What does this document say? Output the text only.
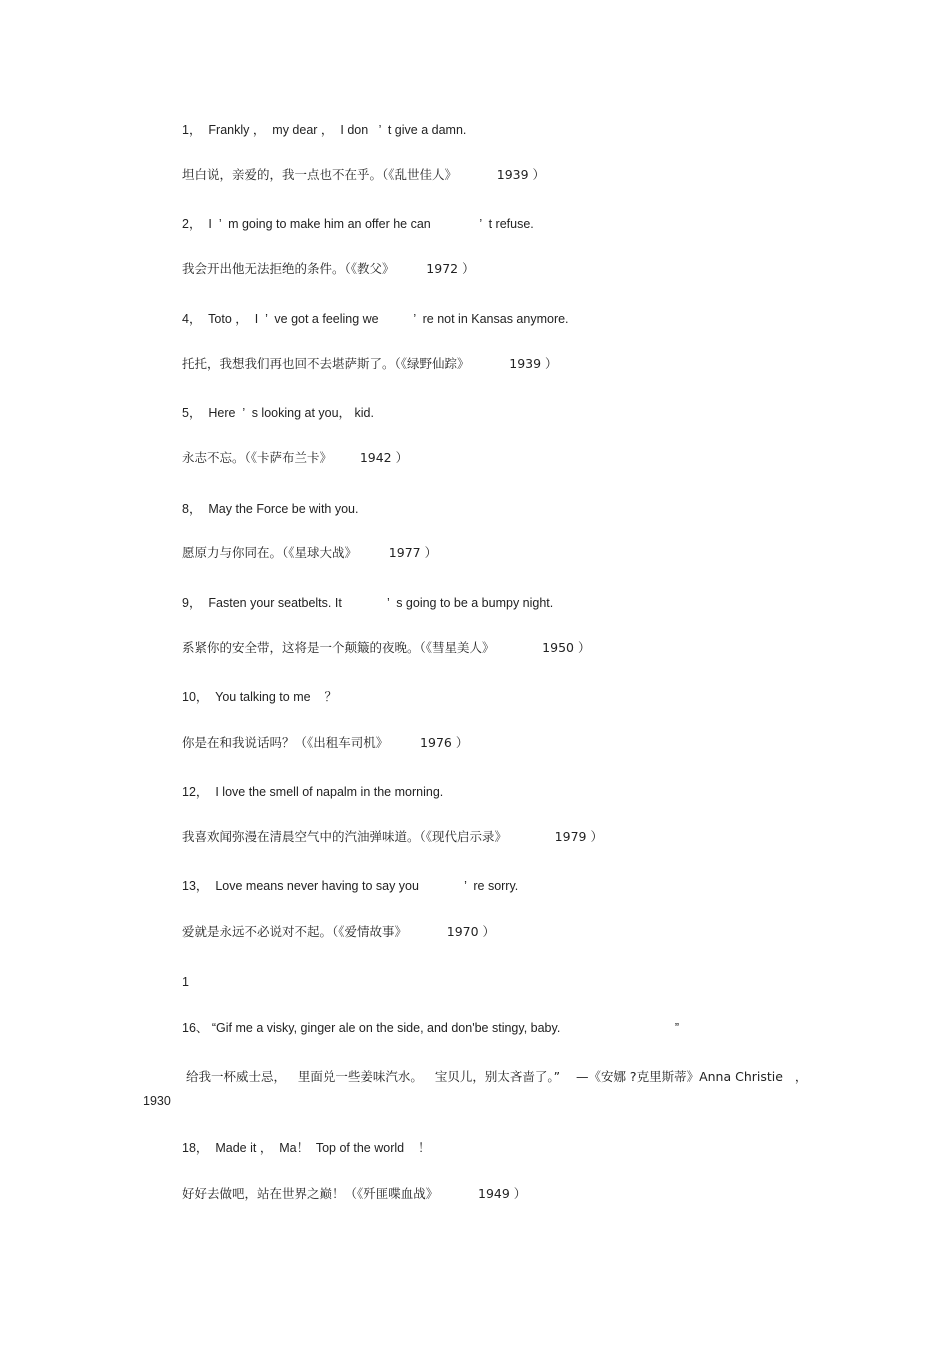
1，  Frankly ，  my dear ，  I don   ’  t give a damn.
坦白说，亲爱的，我一点也不在乎。（《乱世佳人》          1939 ）
2，  I  ’  m going to make him an offer he can              ’  t refuse.
我会开出他无法拒绝的条件。（《教父》        1972 ）
4，  Toto ，  I  ’  ve got a feeling we          ’  re not in Kansas anymore.
托托，我想我们再也回不去堪萨斯了。（《绿野仙踪》          1939 ）
5，  Here  ’  s looking at you， kid.
永志不忘。（《卡萨布兰卡》       1942 ）
8，  May the Force be with you.
愿原力与你同在。（《星球大战》        1977 ）
9，  Fasten your seatbelts. It             ’  s going to be a bumpy night.
系紧你的安全带，这将是一个颠簸的夜晚。（《彗星美人》            1950 ）
10，  You talking to me    ？
你是在和我说话吗？（《出租车司机》        1976 ）
12，  I love the smell of napalm in the morning.
我喜欢闻弥漫在清晨空气中的汽油弹味道。（《现代启示录》            1979 ）
13，  Love means never having to say you             ’  re sorry.
爱就是永远不必说对不起。（《爱情故事》          1970 ）
1
16、 “Gif me a visky, ginger ale on the side, and don'be stingy, baby.                                 ”
给我一杯威士忌，   里面兑一些姜味汽水。   宝贝儿，别太吝啬了。”    —《安娜 ?克里斯蒂》Anna Christie   ，
1930
18，  Made it ，  Ma！  Top of the world    ！
好好去做吧，站在世界之巅！（《歼匪喋血战》          1949 ）
